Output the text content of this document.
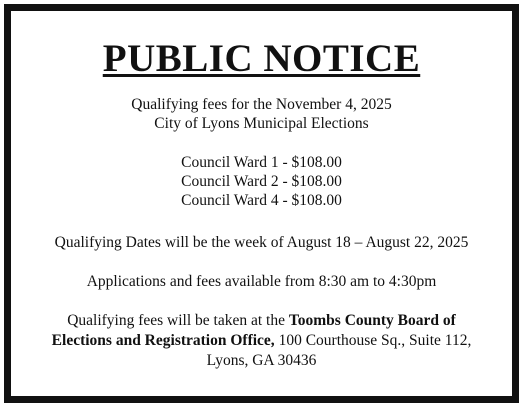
PUBLIC NOTICE
Qualifying fees for the November 4, 2025
City of Lyons Municipal Elections
Council Ward 1 - $108.00
Council Ward 2 - $108.00
Council Ward 4 - $108.00
Qualifying Dates will be the week of August 18 – August 22, 2025
Applications and fees available from 8:30 am to 4:30pm
Qualifying fees will be taken at the Toombs County Board of
Elections and Registration Office, 100 Courthouse Sq., Suite 112,
Lyons, GA 30436
